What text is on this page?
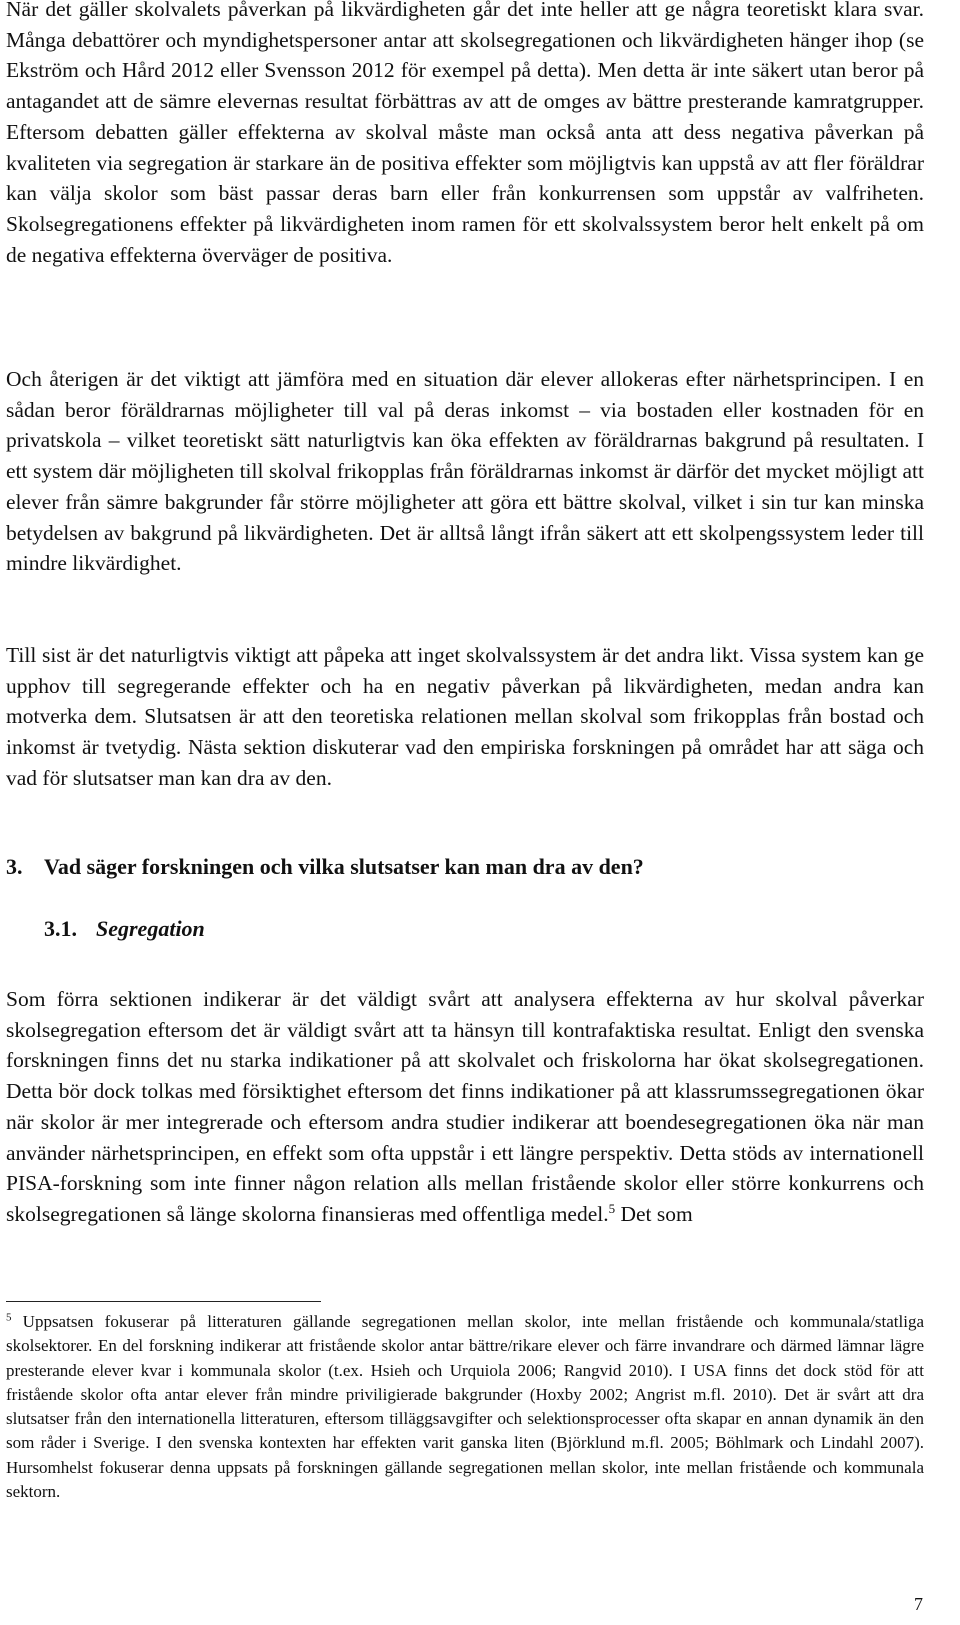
När det gäller skolvalets påverkan på likvärdigheten går det inte heller att ge några teoretiskt klara svar. Många debattörer och myndighetspersoner antar att skolsegregationen och likvärdigheten hänger ihop (se Ekström och Hård 2012 eller Svensson 2012 för exempel på detta). Men detta är inte säkert utan beror på antagandet att de sämre elevernas resultat förbättras av att de omges av bättre presterande kamratgrupper. Eftersom debatten gäller effekterna av skolval måste man också anta att dess negativa påverkan på kvaliteten via segregation är starkare än de positiva effekter som möjligtvis kan uppstå av att fler föräldrar kan välja skolor som bäst passar deras barn eller från konkurrensen som uppstår av valfriheten. Skolsegregationens effekter på likvärdigheten inom ramen för ett skolvalssystem beror helt enkelt på om de negativa effekterna överväger de positiva.

Och återigen är det viktigt att jämföra med en situation där elever allokeras efter närhetsprincipen. I en sådan beror föräldrarnas möjligheter till val på deras inkomst – via bostaden eller kostnaden för en privatskola – vilket teoretiskt sätt naturligtvis kan öka effekten av föräldrarnas bakgrund på resultaten. I ett system där möjligheten till skolval frikopplas från föräldrarnas inkomst är därför det mycket möjligt att elever från sämre bakgrunder får större möjligheter att göra ett bättre skolval, vilket i sin tur kan minska betydelsen av bakgrund på likvärdigheten. Det är alltså långt ifrån säkert att ett skolpengssystem leder till mindre likvärdighet.

Till sist är det naturligtvis viktigt att påpeka att inget skolvalssystem är det andra likt. Vissa system kan ge upphov till segregerande effekter och ha en negativ påverkan på likvärdigheten, medan andra kan motverka dem. Slutsatsen är att den teoretiska relationen mellan skolval som frikopplas från bostad och inkomst är tvetydig. Nästa sektion diskuterar vad den empiriska forskningen på området har att säga och vad för slutsatser man kan dra av den.

3. Vad säger forskningen och vilka slutsatser kan man dra av den?
3.1. Segregation

Som förra sektionen indikerar är det väldigt svårt att analysera effekterna av hur skolval påverkar skolsegregation eftersom det är väldigt svårt att ta hänsyn till kontrafaktiska resultat. Enligt den svenska forskningen finns det nu starka indikationer på att skolvalet och friskolorna har ökat skolsegregationen. Detta bör dock tolkas med försiktighet eftersom det finns indikationer på att klassrumssegregationen ökar när skolor är mer integrerade och eftersom andra studier indikerar att boendesegregationen öka när man använder närhetsprincipen, en effekt som ofta uppstår i ett längre perspektiv. Detta stöds av internationell PISA-forskning som inte finner någon relation alls mellan fristående skolor eller större konkurrens och skolsegregationen så länge skolorna finansieras med offentliga medel.$^5$ Det som

$^5$ Uppsatsen fokuserar på litteraturen gällande segregationen mellan skolor, inte mellan fristående och kommunala/statliga skolsektorer. En del forskning indikerar att fristående skolor antar bättre/rikare elever och färre invandrare och därmed lämnar lägre presterande elever kvar i kommunala skolor (t.ex. Hsieh och Urquiola 2006; Rangvid 2010). I USA finns det dock stöd för att fristående skolor ofta antar elever från mindre priviligierade bakgrunder (Hoxby 2002; Angrist m.fl. 2010). Det är svårt att dra slutsatser från den internationella litteraturen, eftersom tilläggsavgifter och selektionsprocesser ofta skapar en annan dynamik än den som råder i Sverige. I den svenska kontexten har effekten varit ganska liten (Björklund m.fl. 2005; Böhlmark och Lindahl 2007). Hursomhelst fokuserar denna uppsats på forskningen gällande segregationen mellan skolor, inte mellan fristående och kommunala sektorn.

7
